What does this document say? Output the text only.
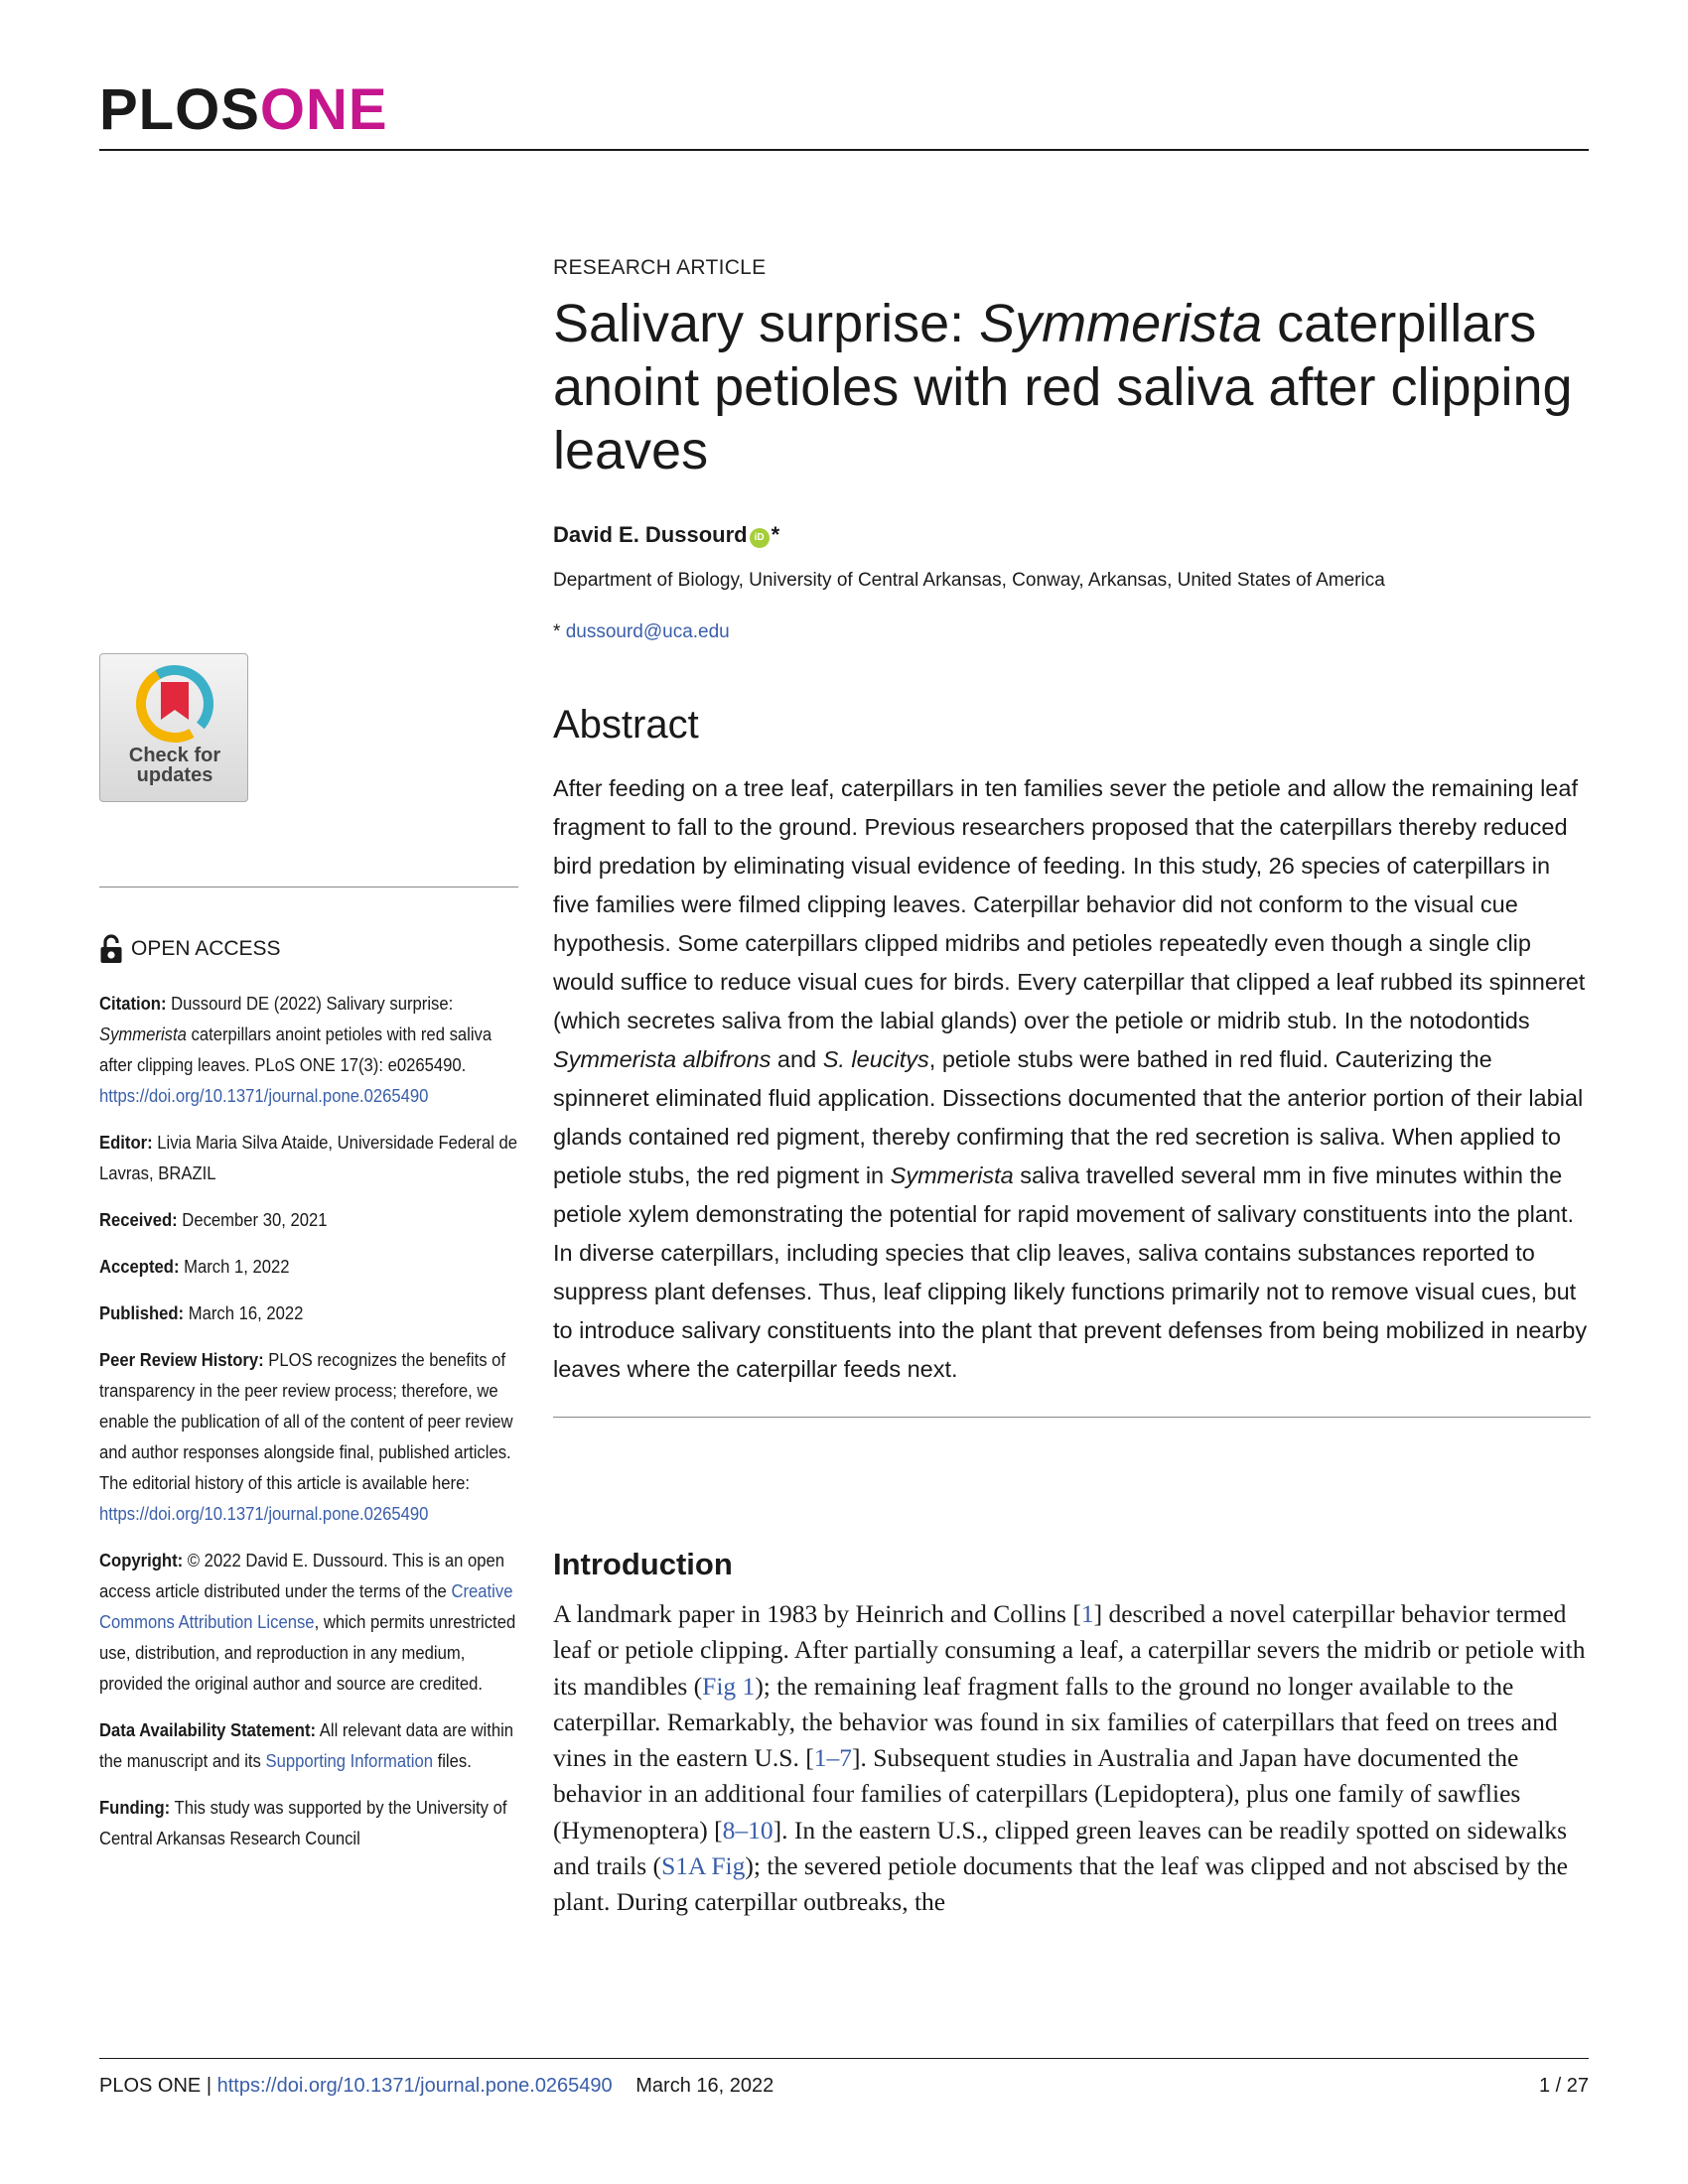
PLOSONE
Check for updates
OPEN ACCESS
Citation: Dussourd DE (2022) Salivary surprise: Symmerista caterpillars anoint petioles with red saliva after clipping leaves. PLoS ONE 17(3): e0265490. https://doi.org/10.1371/journal.pone.0265490
Editor: Livia Maria Silva Ataide, Universidade Federal de Lavras, BRAZIL
Received: December 30, 2021
Accepted: March 1, 2022
Published: March 16, 2022
Peer Review History: PLOS recognizes the benefits of transparency in the peer review process; therefore, we enable the publication of all of the content of peer review and author responses alongside final, published articles. The editorial history of this article is available here: https://doi.org/10.1371/journal.pone.0265490
Copyright: © 2022 David E. Dussourd. This is an open access article distributed under the terms of the Creative Commons Attribution License, which permits unrestricted use, distribution, and reproduction in any medium, provided the original author and source are credited.
Data Availability Statement: All relevant data are within the manuscript and its Supporting Information files.
Funding: This study was supported by the University of Central Arkansas Research Council
RESEARCH ARTICLE
Salivary surprise: Symmerista caterpillars anoint petioles with red saliva after clipping leaves
David E. Dussourd iD *
Department of Biology, University of Central Arkansas, Conway, Arkansas, United States of America
* dussourd@uca.edu
Abstract
After feeding on a tree leaf, caterpillars in ten families sever the petiole and allow the remaining leaf fragment to fall to the ground. Previous researchers proposed that the caterpillars thereby reduced bird predation by eliminating visual evidence of feeding. In this study, 26 species of caterpillars in five families were filmed clipping leaves. Caterpillar behavior did not conform to the visual cue hypothesis. Some caterpillars clipped midribs and petioles repeatedly even though a single clip would suffice to reduce visual cues for birds. Every caterpillar that clipped a leaf rubbed its spinneret (which secretes saliva from the labial glands) over the petiole or midrib stub. In the notodontids Symmerista albifrons and S. leucitys, petiole stubs were bathed in red fluid. Cauterizing the spinneret eliminated fluid application. Dissections documented that the anterior portion of their labial glands contained red pigment, thereby confirming that the red secretion is saliva. When applied to petiole stubs, the red pigment in Symmerista saliva travelled several mm in five minutes within the petiole xylem demonstrating the potential for rapid movement of salivary constituents into the plant. In diverse caterpillars, including species that clip leaves, saliva contains substances reported to suppress plant defenses. Thus, leaf clipping likely functions primarily not to remove visual cues, but to introduce salivary constituents into the plant that prevent defenses from being mobilized in nearby leaves where the caterpillar feeds next.
Introduction
A landmark paper in 1983 by Heinrich and Collins [1] described a novel caterpillar behavior termed leaf or petiole clipping. After partially consuming a leaf, a caterpillar severs the midrib or petiole with its mandibles (Fig 1); the remaining leaf fragment falls to the ground no longer available to the caterpillar. Remarkably, the behavior was found in six families of caterpillars that feed on trees and vines in the eastern U.S. [1–7]. Subsequent studies in Australia and Japan have documented the behavior in an additional four families of caterpillars (Lepidoptera), plus one family of sawflies (Hymenoptera) [8–10]. In the eastern U.S., clipped green leaves can be readily spotted on sidewalks and trails (S1A Fig); the severed petiole documents that the leaf was clipped and not abscised by the plant. During caterpillar outbreaks, the
PLOS ONE | https://doi.org/10.1371/journal.pone.0265490 March 16, 2022	1 / 27
